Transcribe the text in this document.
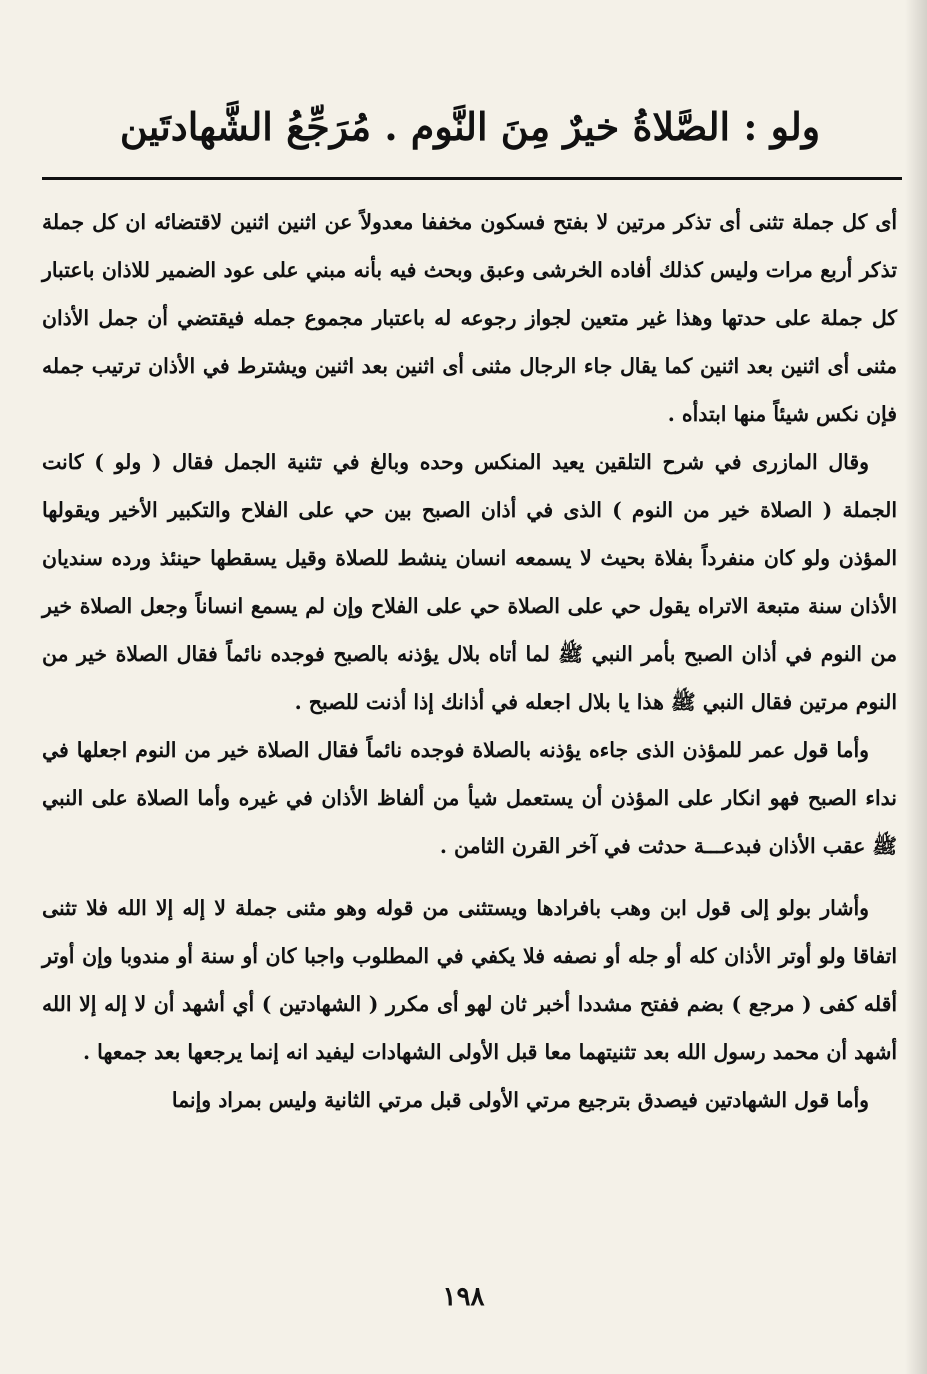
ولو : الصَّلاةُ خيرٌ مِنَ النَّوم . مُرَجِّعُ الشَّهادتَين

أى كل جملة تثنى أى تذكر مرتين لا بفتح فسكون مخففا معدولاً عن اثنين اثنين لاقتضائه ان كل جملة تذكر أربع مرات وليس كذلك أفاده الخرشى وعبق وبحث فيه بأنه مبني على عود الضمير للاذان باعتبار كل جملة على حدتها وهذا غير متعين لجواز رجوعه له باعتبار مجموع جمله فيقتضي أن جمل الأذان مثنى أى اثنين بعد اثنين كما يقال جاء الرجال مثنى أى اثنين بعد اثنين ويشترط في الأذان ترتيب جمله فإن نكس شيئاً منها ابتدأه .

وقال المازرى في شرح التلقين يعيد المنكس وحده وبالغ في تثنية الجمل فقال ( ولو ) كانت الجملة ( الصلاة خير من النوم ) الذى في أذان الصبح بين حي على الفلاح والتكبير الأخير ويقولها المؤذن ولو كان منفرداً بفلاة بحيث لا يسمعه انسان ينشط للصلاة وقيل يسقطها حينئذ ورده سنديان الأذان سنة متبعة الاتراه يقول حي على الصلاة حي على الفلاح وإن لم يسمع انساناً وجعل الصلاة خير من النوم في أذان الصبح بأمر النبي ﷺ لما أتاه بلال يؤذنه بالصبح فوجده نائماً فقال الصلاة خير من النوم مرتين فقال النبي ﷺ هذا يا بلال اجعله في أذانك إذا أذنت للصبح .

وأما قول عمر للمؤذن الذى جاءه يؤذنه بالصلاة فوجده نائماً فقال الصلاة خير من النوم اجعلها في نداء الصبح فهو انكار على المؤذن أن يستعمل شيأ من ألفاظ الأذان في غيره وأما الصلاة على النبي ﷺ عقب الأذان فبدعـــة حدثت في آخر القرن الثامن .

وأشار بولو إلى قول ابن وهب بافرادها ويستثنى من قوله وهو مثنى جملة لا إله إلا الله فلا تثنى اتفاقا ولو أوتر الأذان كله أو جله أو نصفه فلا يكفي في المطلوب واجبا كان أو سنة أو مندوبا وإن أوتر أقله كفى ( مرجع ) بضم ففتح مشددا أخبر ثان لهو أى مكرر ( الشهادتين ) أي أشهد أن لا إله إلا الله أشهد أن محمد رسول الله بعد تثنيتهما معا قبل الأولى الشهادات ليفيد انه إنما يرجعها بعد جمعها .

وأما قول الشهادتين فيصدق بترجيع مرتي الأولى قبل مرتي الثانية وليس بمراد وإنما

١٩٨
